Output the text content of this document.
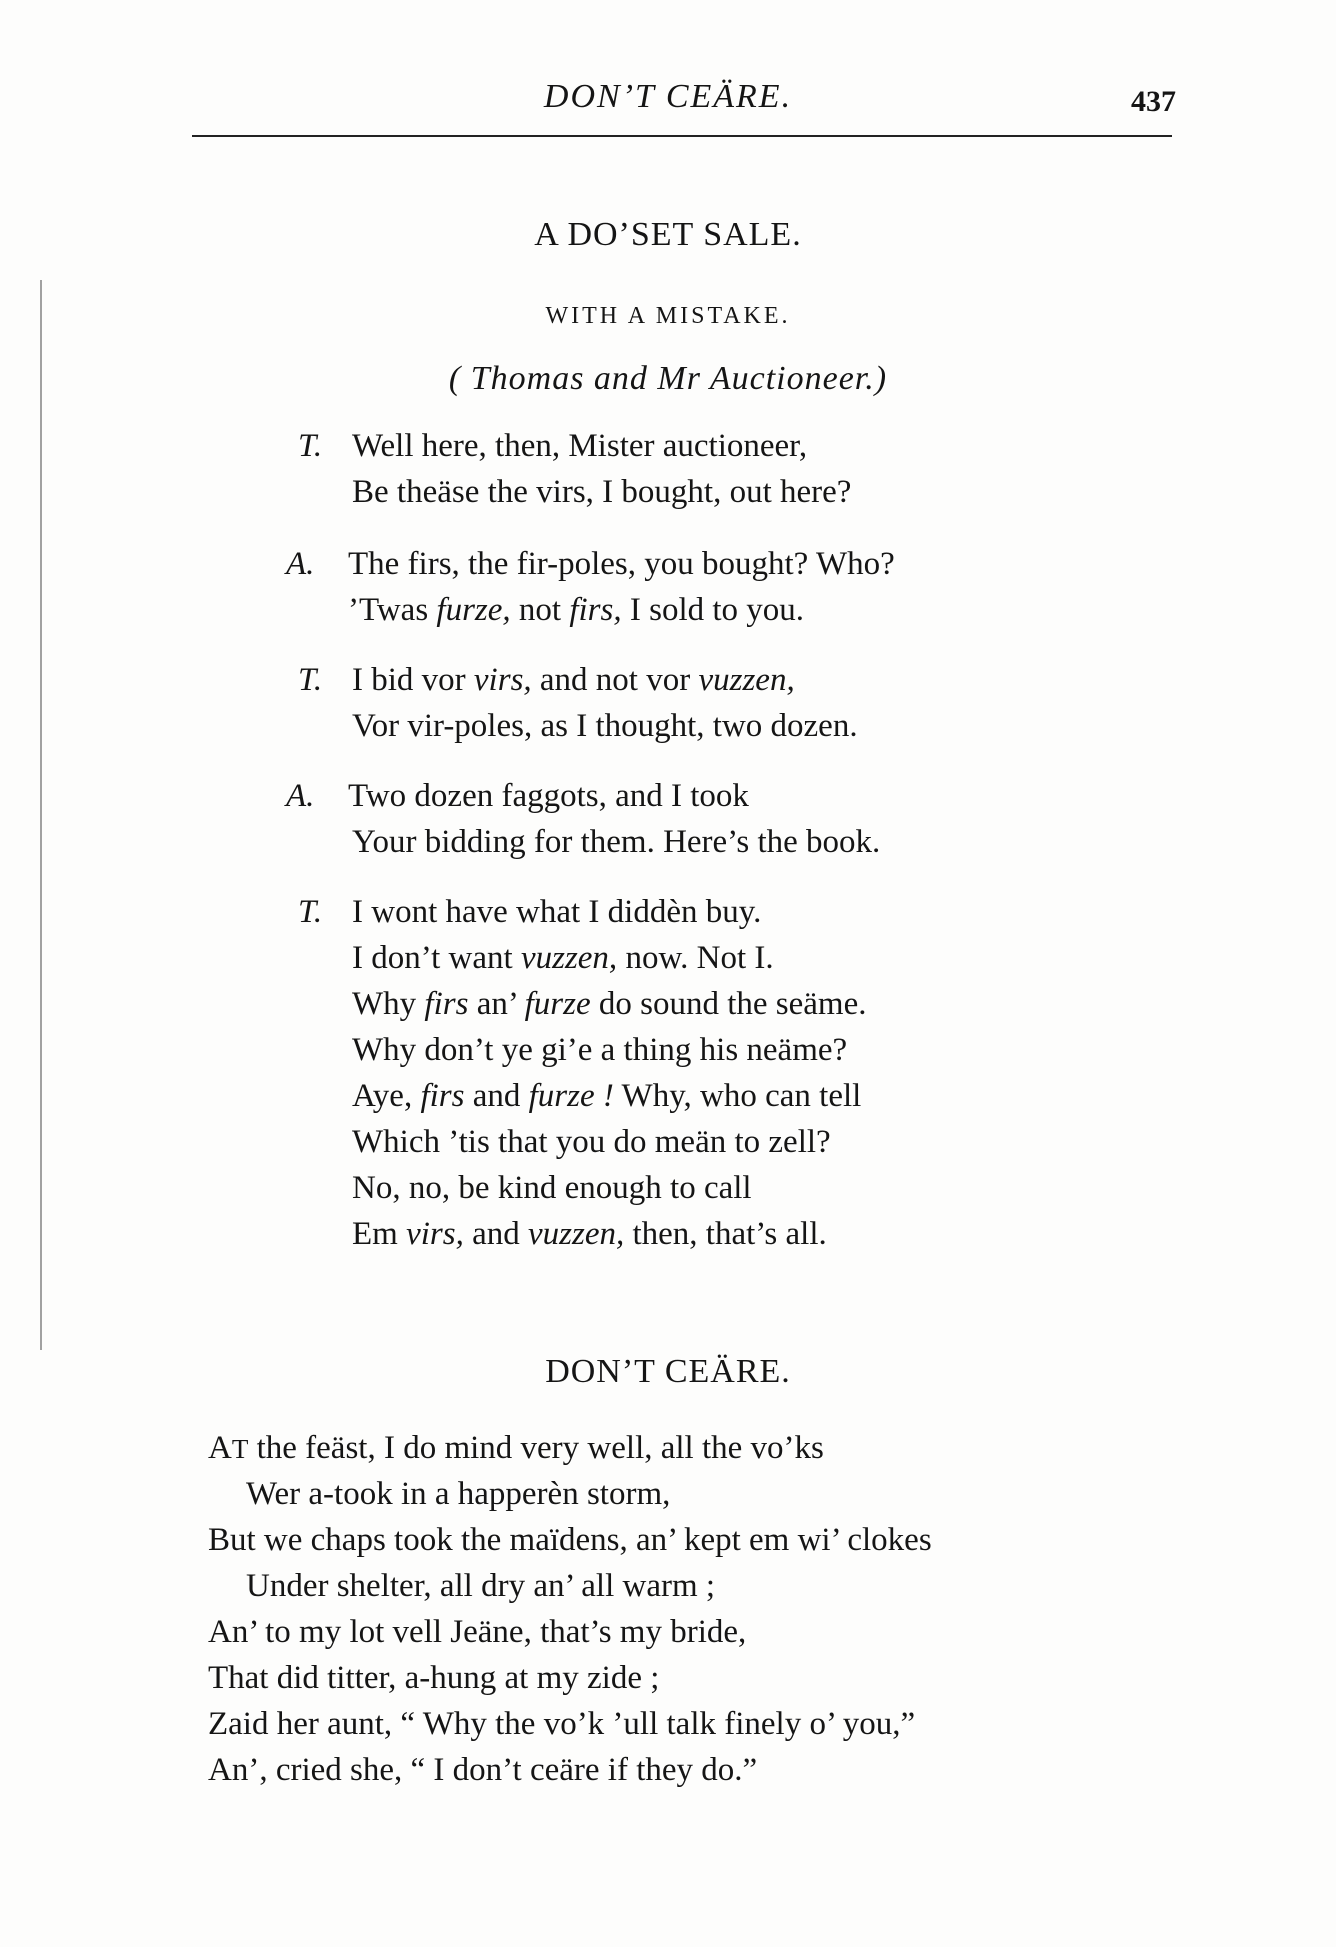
DON’T CEÄRE.	437
A DO’SET SALE.
WITH A MISTAKE.
( Thomas and Mr Auctioneer.)
T. Well here, then, Mister auctioneer,
Be theäse the virs, I bought, out here?
A. The firs, the fir-poles, you bought? Who?
’Twas furze, not firs, I sold to you.
T. I bid vor virs, and not vor vuzzen,
Vor vir-poles, as I thought, two dozen.
A. Two dozen faggots, and I took
Your bidding for them. Here’s the book.
T. I wont have what I diddèn buy.
I don’t want vuzzen, now. Not I.
Why firs an’ furze do sound the seäme.
Why don’t ye gi’e a thing his neäme?
Aye, firs and furze ! Why, who can tell
Which ’tis that you do meän to zell?
No, no, be kind enough to call
Em virs, and vuzzen, then, that’s all.
DON’T CEÄRE.
AT the feäst, I do mind very well, all the vo’ks
Wer a-took in a happerèn storm,
But we chaps took the maïdens, an’ kept em wi’ clokes
Under shelter, all dry an’ all warm ;
An’ to my lot vell Jeäne, that’s my bride,
That did titter, a-hung at my zide ;
Zaid her aunt, “ Why the vo’k ’ull talk finely o’ you,”
An’, cried she, “ I don’t ceäre if they do.”
